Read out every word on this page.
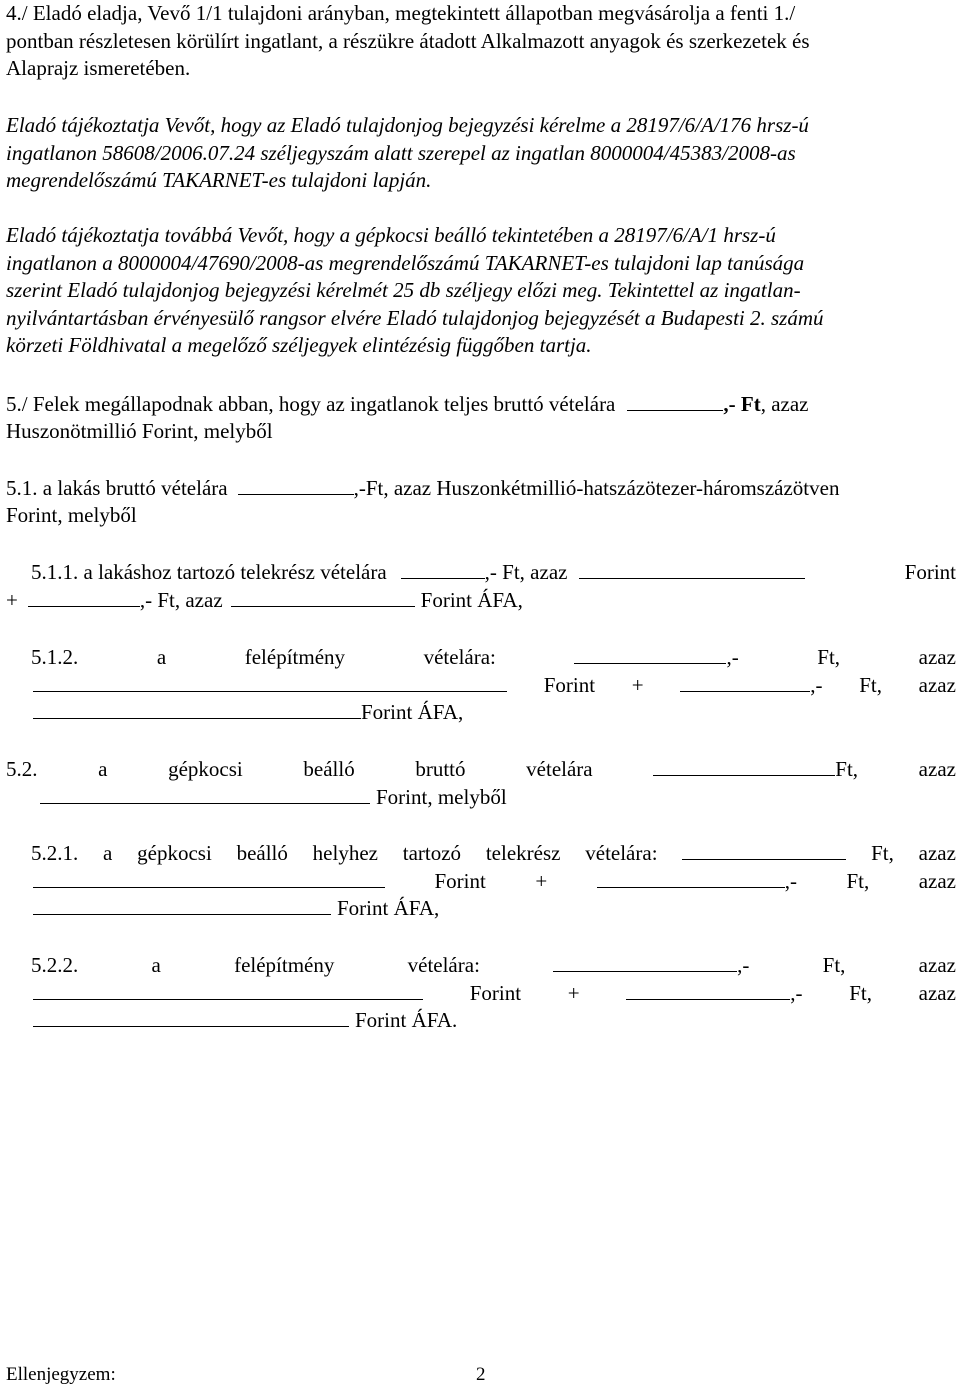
4./ Eladó eladja, Vevő 1/1 tulajdoni arányban, megtekintett állapotban megvásárolja a fenti 1./
pontban részletesen körülírt ingatlant, a részükre átadott Alkalmazott anyagok és szerkezetek és
Alaprajz ismeretében.
Eladó tájékoztatja Vevőt, hogy az Eladó tulajdonjog bejegyzési kérelme a 28197/6/A/176 hrsz-ú
ingatlanon 58608/2006.07.24 széljegyszám alatt szerepel az ingatlan 8000004/45383/2008-as
megrendelőszámú TAKARNET-es tulajdoni lapján.
Eladó tájékoztatja továbbá Vevőt, hogy a gépkocsi beálló tekintetében a 28197/6/A/1 hrsz-ú
ingatlanon a 8000004/47690/2008-as megrendelőszámú TAKARNET-es tulajdoni lap tanúsága
szerint Eladó tulajdonjog bejegyzési kérelmét 25 db széljegy előzi meg. Tekintettel az ingatlan-
nyilvántartásban érvényesülő rangsor elvére Eladó tulajdonjog bejegyzését a Budapesti 2. számú
körzeti Földhivatal a megelőző széljegyek elintézésig függőben tartja.
5./ Felek megállapodnak abban, hogy az ingatlanok teljes bruttó vételára	,- Ft , azaz
Huszonötmillió Forint, melyből
5.1. a lakás bruttó vételára	,-Ft, azaz Huszonkétmillió-hatszázötezer-háromszázötven
Forint, melyből
5.1.1. a lakáshoz tartozó telekrész vételára	,- Ft, azaz	Forint
+	,- Ft, azaz	Forint ÁFA,
5.1.2.	a	felépítmény	vételára:	,-	Ft,	azaz
Forint +	,- Ft, azaz
Forint ÁFA,
5.2.	a	gépkocsi	beálló	bruttó	vételára	Ft,	azaz
Forint, melyből
5.2.1. a gépkocsi beálló helyhez tartozó telekrész vételára:	Ft, azaz
Forint +	,- Ft, azaz
Forint ÁFA,
5.2.2.	a	felépítmény	vételára:	,-	Ft,	azaz
Forint +	,- Ft, azaz
Forint ÁFA.
Ellenjegyzem:	2
